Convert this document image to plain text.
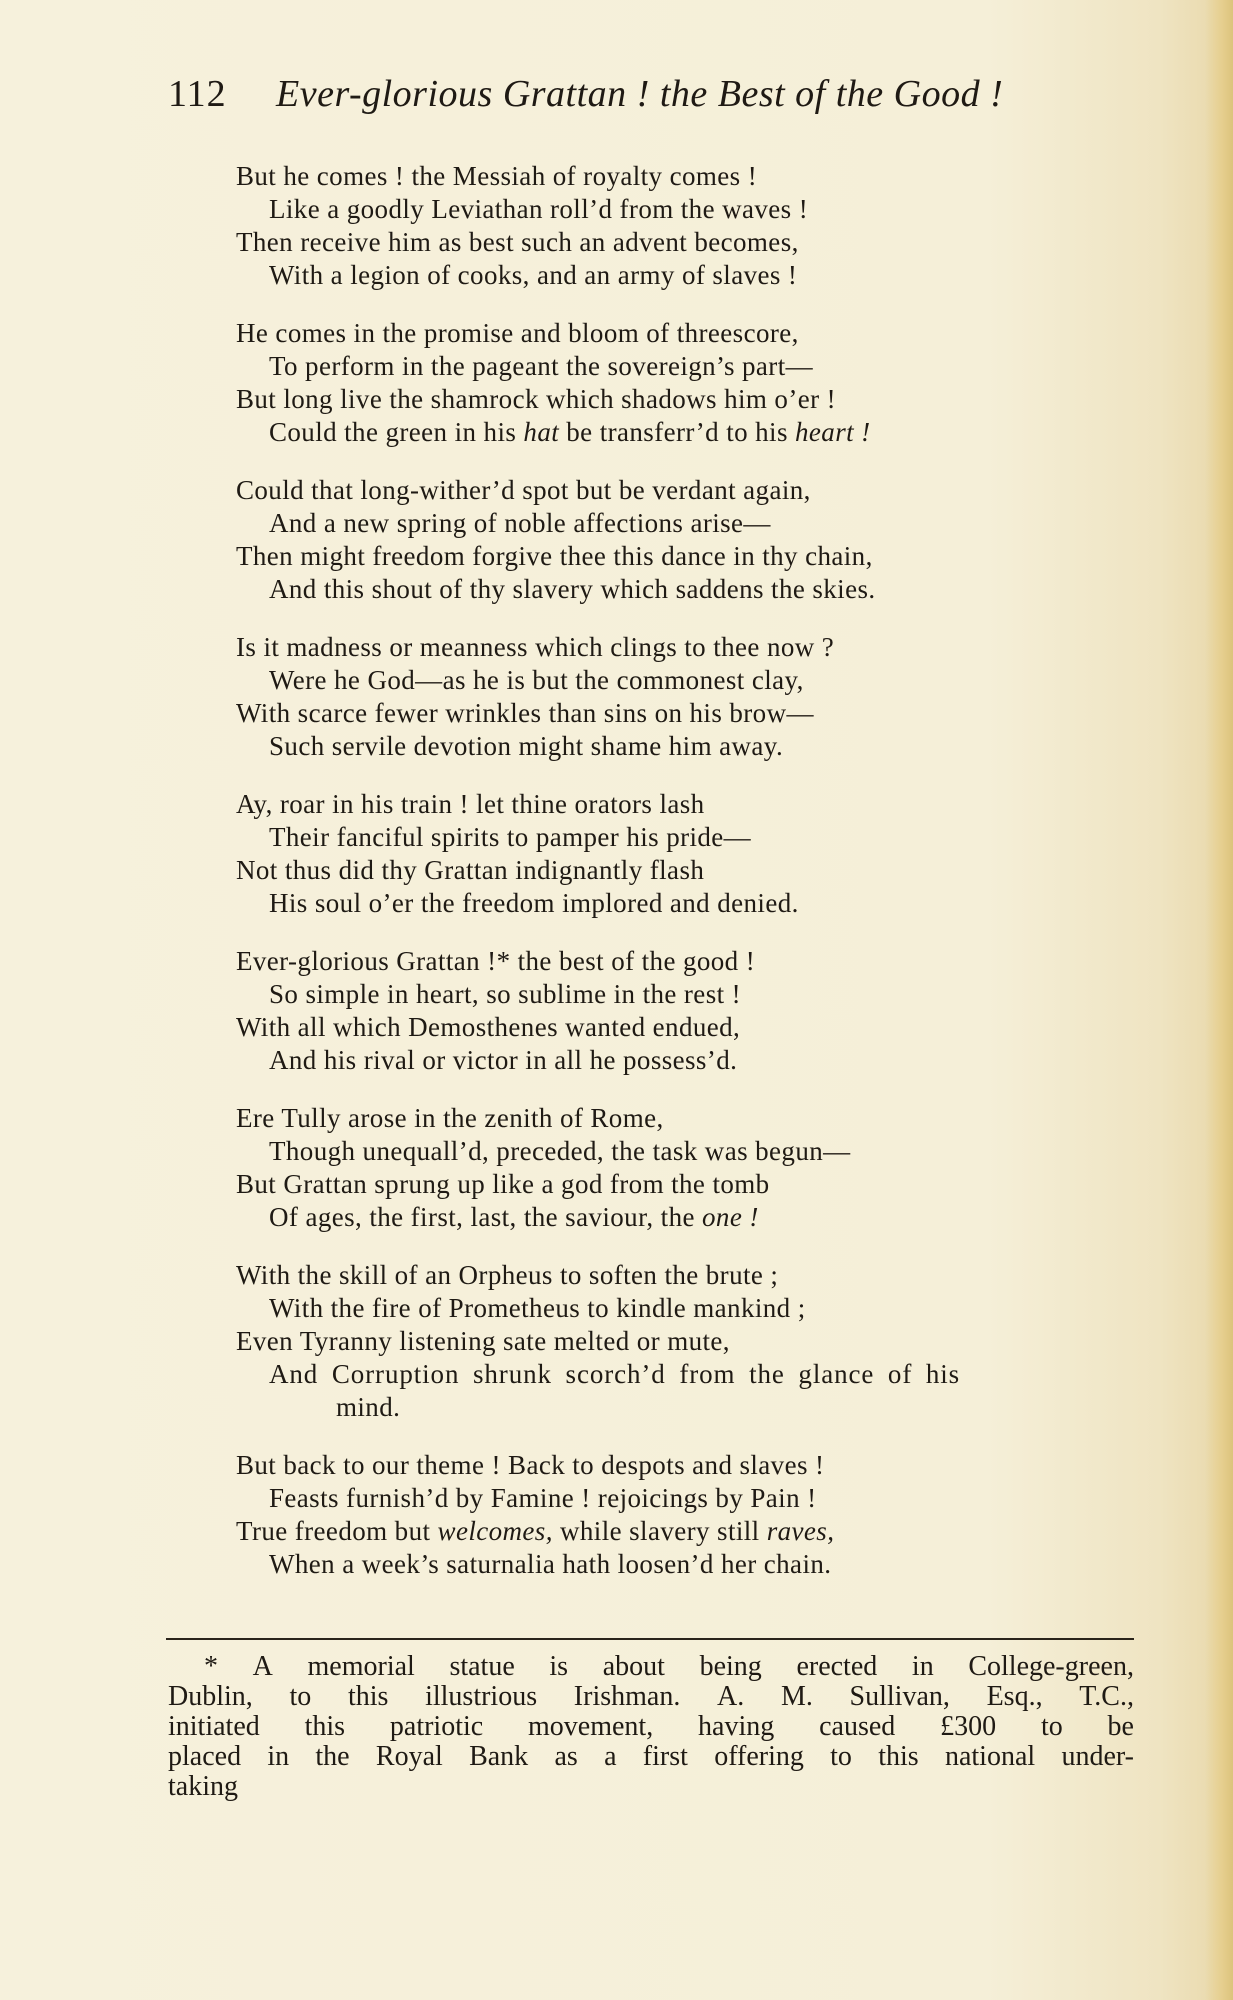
112 Ever-glorious Grattan ! the Best of the Good !
But he comes ! the Messiah of royalty comes !
Like a goodly Leviathan roll’d from the waves !
Then receive him as best such an advent becomes,
With a legion of cooks, and an army of slaves !
He comes in the promise and bloom of threescore,
To perform in the pageant the sovereign’s part—
But long live the shamrock which shadows him o’er !
Could the green in his hat be transferr’d to his heart !
Could that long-wither’d spot but be verdant again,
And a new spring of noble affections arise—
Then might freedom forgive thee this dance in thy chain,
And this shout of thy slavery which saddens the skies.
Is it madness or meanness which clings to thee now ?
Were he God—as he is but the commonest clay,
With scarce fewer wrinkles than sins on his brow—
Such servile devotion might shame him away.
Ay, roar in his train ! let thine orators lash
Their fanciful spirits to pamper his pride—
Not thus did thy Grattan indignantly flash
His soul o’er the freedom implored and denied.
Ever-glorious Grattan !* the best of the good !
So simple in heart, so sublime in the rest !
With all which Demosthenes wanted endued,
And his rival or victor in all he possess’d.
Ere Tully arose in the zenith of Rome,
Though unequall’d, preceded, the task was begun—
But Grattan sprung up like a god from the tomb
Of ages, the first, last, the saviour, the one !
With the skill of an Orpheus to soften the brute ;
With the fire of Prometheus to kindle mankind ;
Even Tyranny listening sate melted or mute,
And Corruption shrunk scorch’d from the glance of his
mind.
But back to our theme ! Back to despots and slaves !
Feasts furnish’d by Famine ! rejoicings by Pain !
True freedom but welcomes, while slavery still raves,
When a week’s saturnalia hath loosen’d her chain.
* A memorial statue is about being erected in College-green,
Dublin, to this illustrious Irishman. A. M. Sullivan, Esq., T.C.,
initiated this patriotic movement, having caused £300 to be
placed in the Royal Bank as a first offering to this national under-
taking
